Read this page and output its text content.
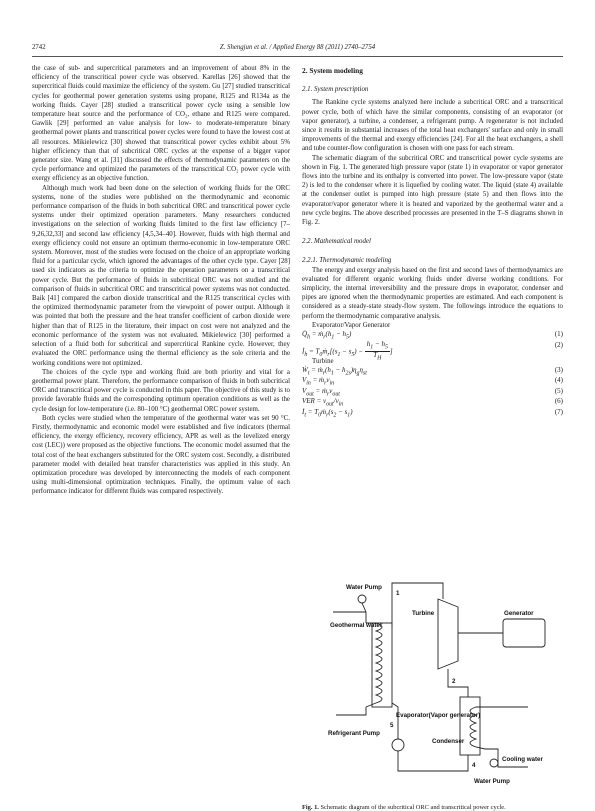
2742	Z. Shengjun et al. / Applied Energy 88 (2011) 2740–2754

the case of sub- and supercritical parameters and an improvement of about 8% in the efficiency of the transcritical power cycle was observed. Karellas [26] showed that the supercritical fluids could maximize the efficiency of the system. Gu [27] studied transcritical cycles for geothermal power generation systems using propane, R125 and R134a as the working fluids. Cayer [28] studied a transcritical power cycle using a sensible low temperature heat source and the performance of CO₂, ethane and R125 were compared. Gawlik [29] performed an value analysis for low- to moderate-temperature binary geothermal power plants and transcritical power cycles were found to have the lowest cost at all resources. Mikielewicz [30] showed that transcritical power cycles exhibit about 5% higher efficiency than that of subcritical ORC cycles at the expense of a bigger vapor generator size. Wang et al. [31] discussed the effects of thermodynamic parameters on the cycle performance and optimized the parameters of the transcritical CO₂ power cycle with exergy efficiency as an objective function.

Although much work had been done on the selection of working fluids for the ORC systems, none of the studies were published on the thermodynamic and economic performance comparison of the fluids in both subcritical ORC and transcritical power cycle systems under their optimized operation parameters. Many researchers conducted investigations on the selection of working fluids limited to the first law efficiency [7–9,26,32,33] and second law efficiency [4,5,34–40]. However, fluids with high thermal and exergy efficiency could not ensure an optimum thermo-economic in low-temperature ORC system. Moreover, most of the studies were focused on the choice of an appropriate working fluid for a particular cycle, which ignored the advantages of the other cycle type. Cayer [28] used six indicators as the criteria to optimize the operation parameters on a transcritical power cycle. But the performance of fluids in subcritical ORC was not studied and the comparison of fluids in subcritical ORC and transcritical power systems was not conducted. Baik [41] compared the carbon dioxide transcritical and the R125 transcritical cycles with the optimized thermodynamic parameter from the viewpoint of power output. Although it was pointed that both the pressure and the heat transfer coefficient of carbon dioxide were higher than that of R125 in the literature, their impact on cost were not analyzed and the economic performance of the system was not evaluated. Mikielewicz [30] performed a selection of a fluid both for subcritical and supercritical Rankine cycle. However, they evaluated the ORC performance using the thermal efficiency as the sole criteria and the working conditions were not optimized.

The choices of the cycle type and working fluid are both priority and vital for a geothermal power plant. Therefore, the performance comparison of fluids in both subcritical ORC and transcritical power cycle is conducted in this paper. The objective of this study is to provide favorable fluids and the corresponding optimum operation conditions as well as the cycle design for low-temperature (i.e. 80–100 °C) geothermal ORC power system.

Both cycles were studied when the temperature of the geothermal water was set 90 °C. Firstly, thermodynamic and economic model were established and five indicators (thermal efficiency, the exergy efficiency, recovery efficiency, APR as well as the levelized energy cost (LEC)) were proposed as the objective functions. The economic model assumed that the total cost of the heat exchangers substituted for the ORC system cost. Secondly, a distributed parameter model with detailed heat transfer characteristics was applied in this study. An optimization procedure was developed by interconnecting the models of each component using multi-dimensional optimization techniques. Finally, the optimum value of each performance indicator for different fluids was compared respectively.

2. System modeling
2.1. System prescription

The Rankine cycle systems analyzed here include a subcritical ORC and a transcritical power cycle, both of which have the similar components, consisting of an evaporator (or vapor generator), a turbine, a condenser, a refrigerant pump. A regenerator is not included since it results in substantial increases of the total heat exchangers' surface and only in small improvements of the thermal and exergy efficiencies [24]. For all the heat exchangers, a shell and tube counter-flow configuration is chosen with one pass for each stream.

The schematic diagram of the subcritical ORC and transcritical power cycle systems are shown in Fig. 1. The generated high pressure vapor (state 1) in evaporator or vapor generator flows into the turbine and its enthalpy is converted into power. The low-pressure vapor (state 2) is led to the condenser where it is liquefied by cooling water. The liquid (state 4) available at the condenser outlet is pumped into high pressure (state 5) and then flows into the evaporator/vapor generator where it is heated and vaporized by the geothermal water and a new cycle begins. The above described processes are presented in the T–S diagrams shown in Fig. 2.

2.2. Mathematical model
2.2.1. Thermodynamic modeling

The energy and exergy analysis based on the first and second laws of thermodynamics are evaluated for different organic working fluids under diverse working conditions. For simplicity, the internal irreversibility and the pressure drops in evaporator, condenser and pipes are ignored when the thermodynamic properties are estimated. And each component is considered as a steady-state steady-flow system. The followings introduce the equations to perform the thermodynamic comparative analysis.

Evaporator/Vapor Generator

$Q̇_h$ = $ṁ_r(h_1 - h_5)$	(1)
$İ_h$ = $T_0ṁ_r[(s_1 - s_5) - \frac{h_1 - h_5}{T_H}$ ]
(2)

Turbine

Ẇ$_t$ = $ṁ_r(h_1 - h_{2s})\eta_g\eta_{st}$	(3)
$V_{in}$ = $ṁ_rv_{in}$	(4)
$V_{out}$ = $ṁ_rv_{out}$	(5)
VER = $v_{out}/v_{in}$	(6)
$İ_t$ = $T_0ṁ_r(s_2 - s_1)$	(7)
Water Pump
Geothermal water
Turbine	Generator
Evaporator(Vapor generator)
Refrigerant Pump
Condenser
Cooling water
Water Pump
1
2
4
5
Fig. 1. Schematic diagram of the subcritical ORC and transcritical power cycle.
